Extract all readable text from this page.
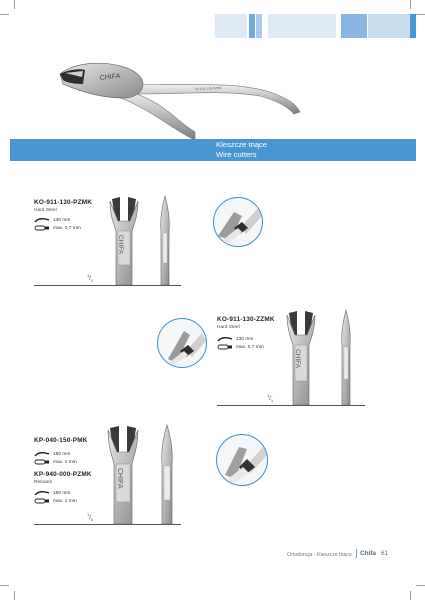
CHIFA
KK-911-130-PZMK
Kleszcze tnące
Wire cutters
KO-911-130-PZMK
Hard Steel
130 mm
max. 0,7 mm
$^1/_1$
CHIFA
KO-911-130-ZZMK
Hard Steel
130 mm
max. 0,7 mm
$^1/_1$
CHIFA
KP-040-150-PMK
150 mm
max. 1 mm
KP-940-000-PZMK
Remanit
150 mm
max. 1 mm
$^1/_1$
CHIFA
Ortodoncja - Kleszcze tnące Chifa 61
